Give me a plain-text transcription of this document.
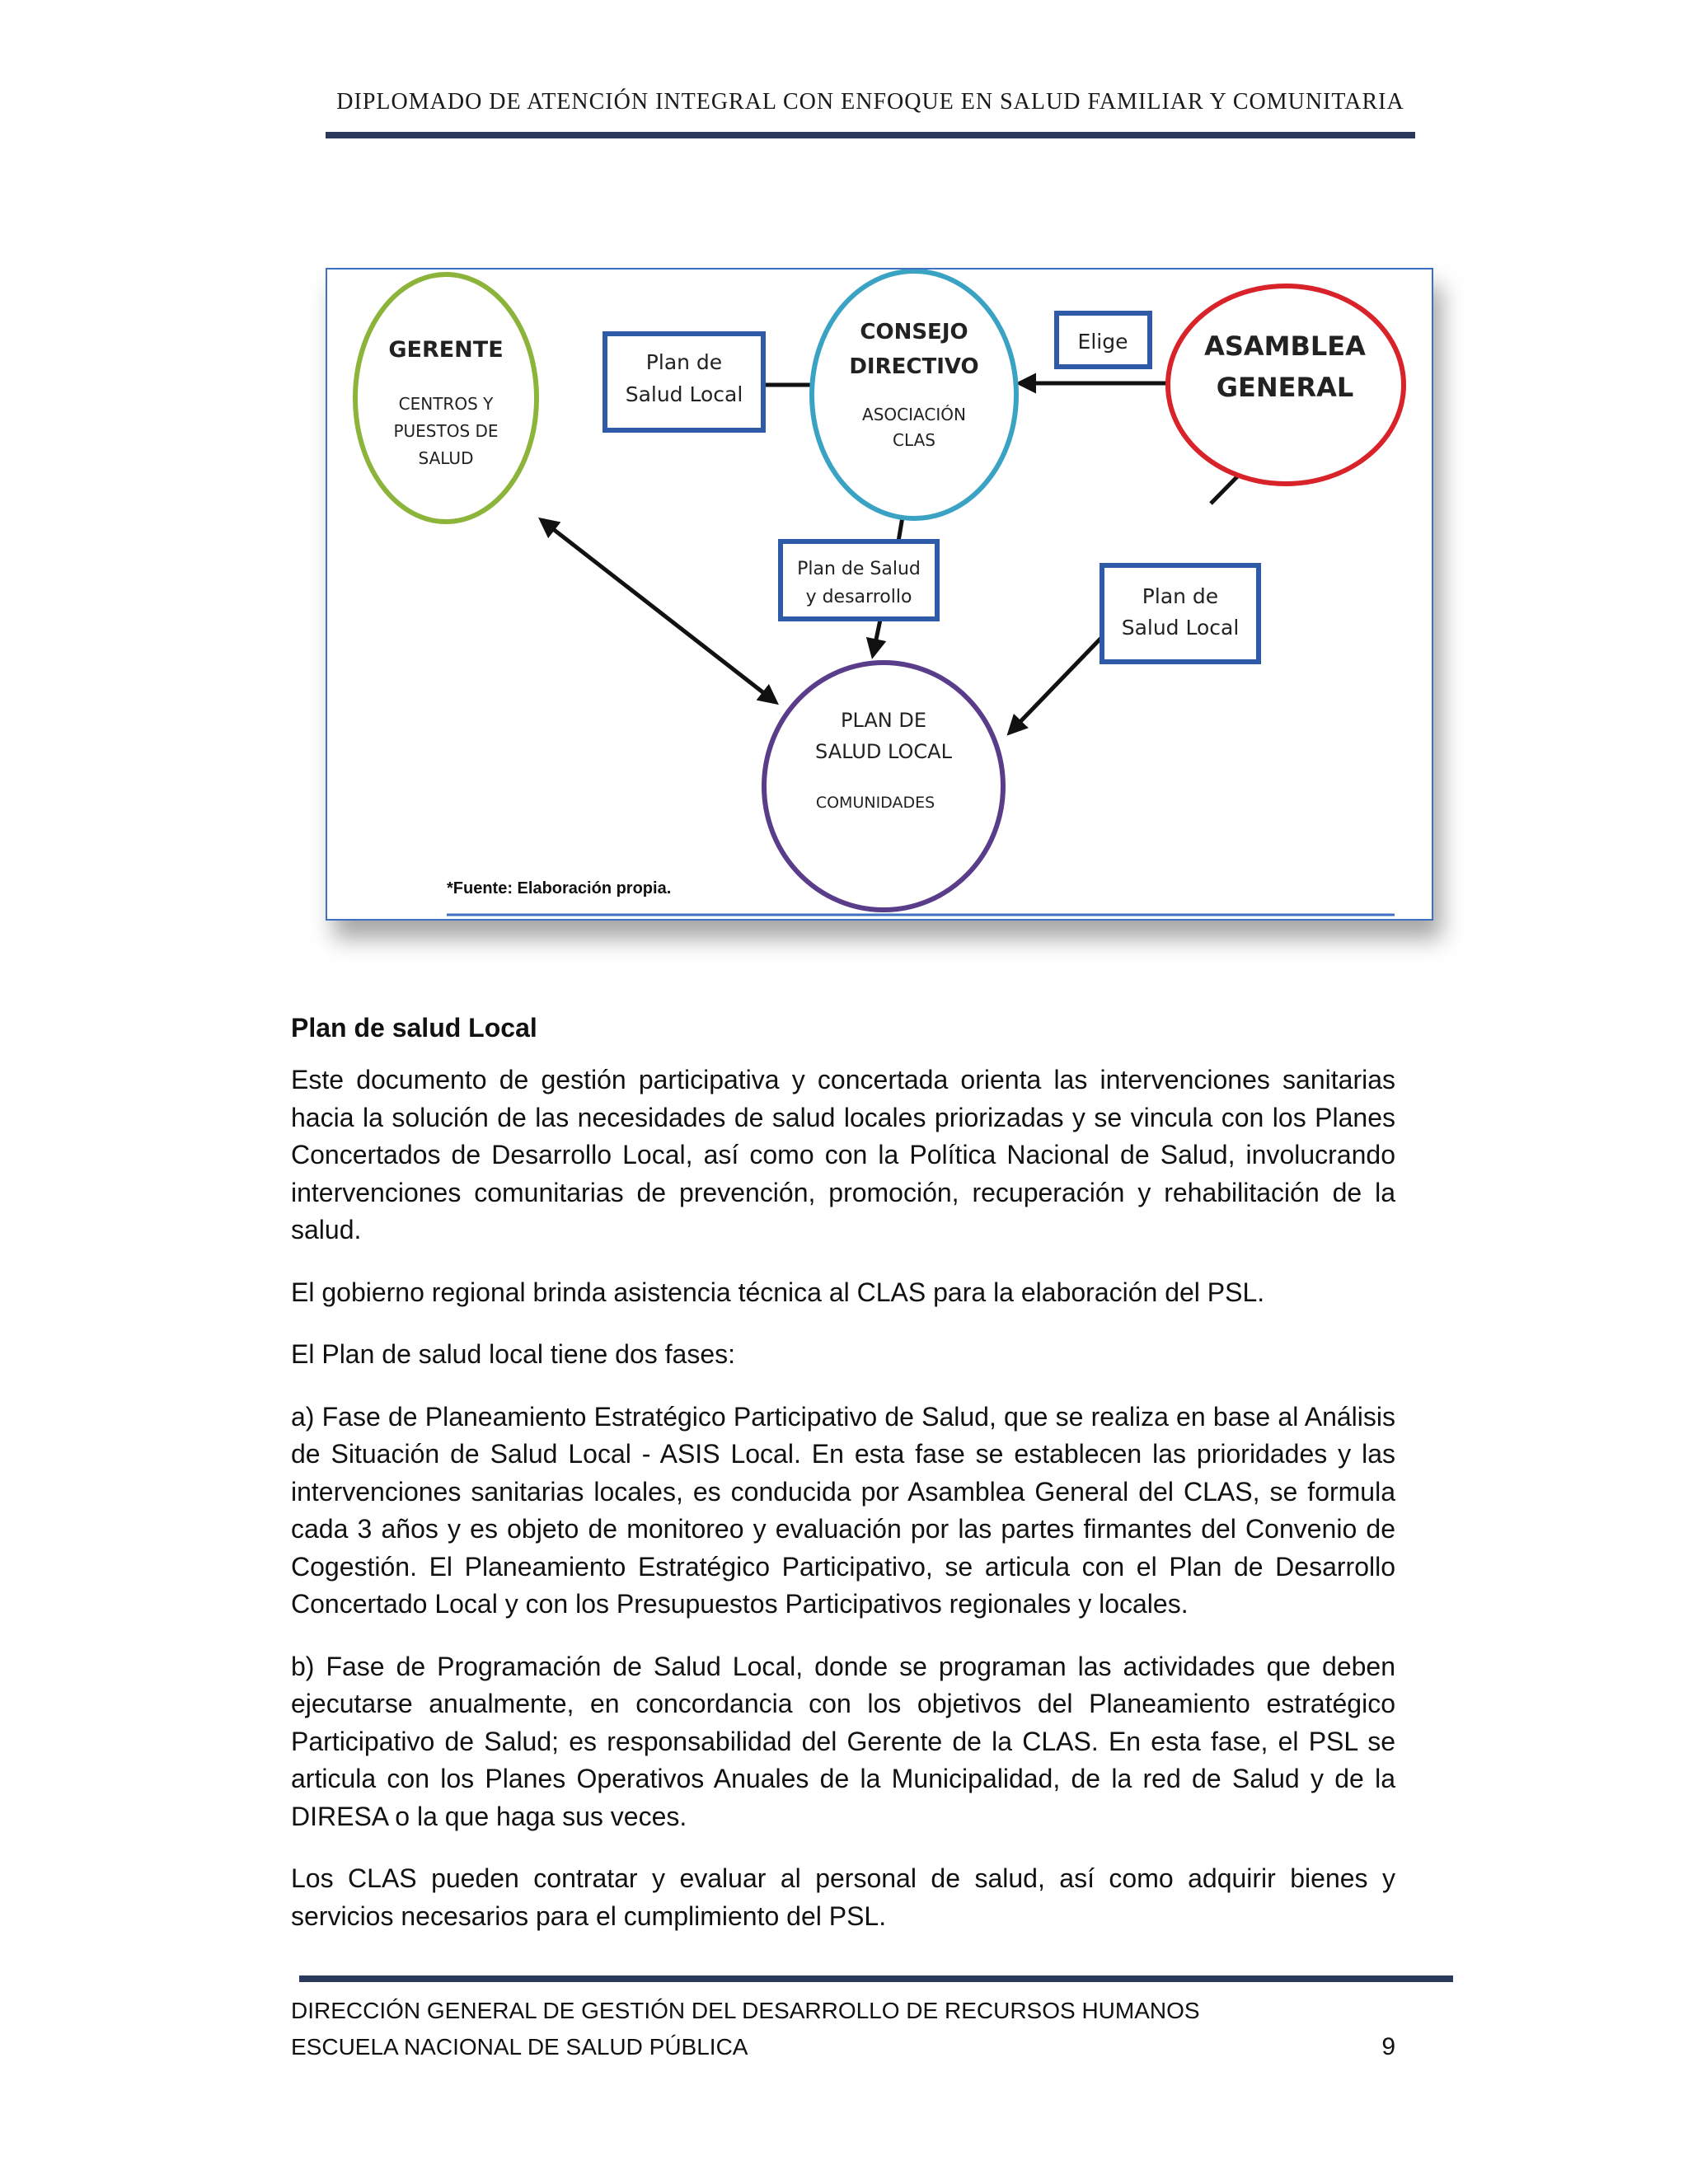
DIPLOMADO DE ATENCIÓN INTEGRAL CON ENFOQUE EN SALUD FAMILIAR Y COMUNITARIA
GERENTE
CENTROS Y
PUESTOS DE
SALUD
Plan de
Salud Local
CONSEJO
DIRECTIVO
ASOCIACIÓN
CLAS
Elige	ASAMBLEA
GENERAL
Plan de Salud
y desarrollo	Plan de
Salud Local
PLAN DE
SALUD LOCAL
COMUNIDADES
*Fuente: Elaboración propia.
Plan de salud Local

Este documento de gestión participativa y concertada orienta las intervenciones sanitarias hacia la solución de las necesidades de salud locales priorizadas y se vincula con los Planes Concertados de Desarrollo Local, así como con la Política Nacional de Salud, involucrando intervenciones comunitarias de prevención, promoción, recuperación y rehabilitación de la salud.

El gobierno regional brinda asistencia técnica al CLAS para la elaboración del PSL.

El Plan de salud local tiene dos fases:

a) Fase de Planeamiento Estratégico Participativo de Salud, que se realiza en base al Análisis de Situación de Salud Local - ASIS Local. En esta fase se establecen las prioridades y las intervenciones sanitarias locales, es conducida por Asamblea General del CLAS, se formula cada 3 años y es objeto de monitoreo y evaluación por las partes firmantes del Convenio de Cogestión. El Planeamiento Estratégico Participativo, se articula con el Plan de Desarrollo Concertado Local y con los Presupuestos Participativos regionales y locales.

b) Fase de Programación de Salud Local, donde se programan las actividades que deben ejecutarse anualmente, en concordancia con los objetivos del Planeamiento estratégico Participativo de Salud; es responsabilidad del Gerente de la CLAS. En esta fase, el PSL se articula con los Planes Operativos Anuales de la Municipalidad, de la red de Salud y de la DIRESA o la que haga sus veces.

Los CLAS pueden contratar y evaluar al personal de salud, así como adquirir bienes y servicios necesarios para el cumplimiento del PSL.

DIRECCIÓN GENERAL DE GESTIÓN DEL DESARROLLO DE RECURSOS HUMANOS
ESCUELA NACIONAL DE SALUD PÚBLICA	9
